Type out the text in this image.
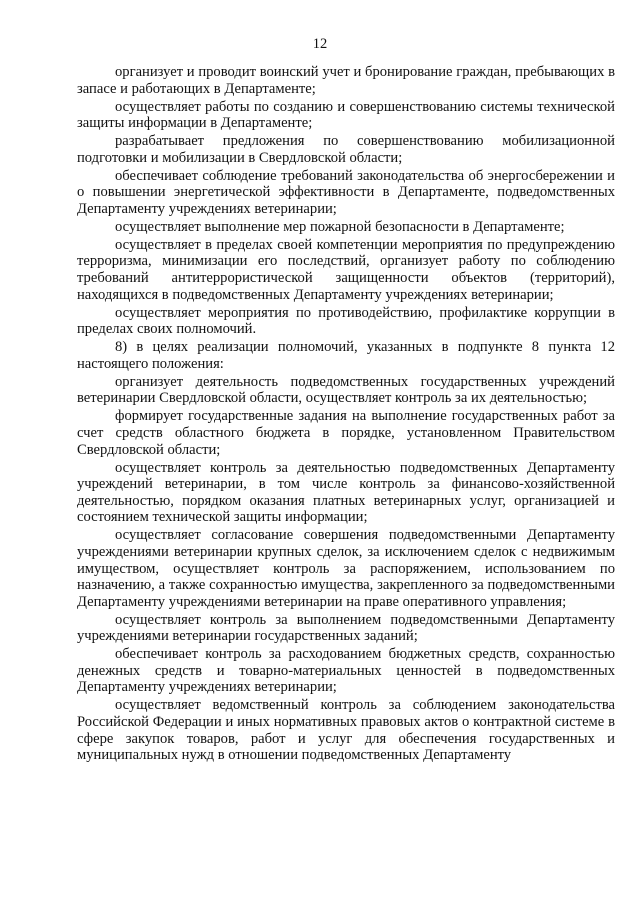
12

организует и проводит воинский учет и бронирование граждан, пребывающих в запасе и работающих в Департаменте;

осуществляет работы по созданию и совершенствованию системы технической защиты информации в Департаменте;

разрабатывает предложения по совершенствованию мобилизационной подготовки и мобилизации в Свердловской области;

обеспечивает соблюдение требований законодательства об энергосбережении и о повышении энергетической эффективности в Департаменте, подведомственных Департаменту учреждениях ветеринарии;

осуществляет выполнение мер пожарной безопасности в Департаменте;

осуществляет в пределах своей компетенции мероприятия по предупреждению терроризма, минимизации его последствий, организует работу по соблюдению требований антитеррористической защищенности объектов (территорий), находящихся в подведомственных Департаменту учреждениях ветеринарии;

осуществляет мероприятия по противодействию, профилактике коррупции в пределах своих полномочий.

8) в целях реализации полномочий, указанных в подпункте 8 пункта 12 настоящего положения:

организует деятельность подведомственных государственных учреждений ветеринарии Свердловской области, осуществляет контроль за их деятельностью;

формирует государственные задания на выполнение государственных работ за счет средств областного бюджета в порядке, установленном Правительством Свердловской области;

осуществляет контроль за деятельностью подведомственных Департаменту учреждений ветеринарии, в том числе контроль за финансово-хозяйственной деятельностью, порядком оказания платных ветеринарных услуг, организацией и состоянием технической защиты информации;

осуществляет согласование совершения подведомственными Департаменту учреждениями ветеринарии крупных сделок, за исключением сделок с недвижимым имуществом, осуществляет контроль за распоряжением, использованием по назначению, а также сохранностью имущества, закрепленного за подведомственными Департаменту учреждениями ветеринарии на праве оперативного управления;

осуществляет контроль за выполнением подведомственными Департаменту учреждениями ветеринарии государственных заданий;

обеспечивает контроль за расходованием бюджетных средств, сохранностью денежных средств и товарно-материальных ценностей в подведомственных Департаменту учреждениях ветеринарии;

осуществляет ведомственный контроль за соблюдением законодательства Российской Федерации и иных нормативных правовых актов о контрактной системе в сфере закупок товаров, работ и услуг для обеспечения государственных и муниципальных нужд в отношении подведомственных Департаменту
